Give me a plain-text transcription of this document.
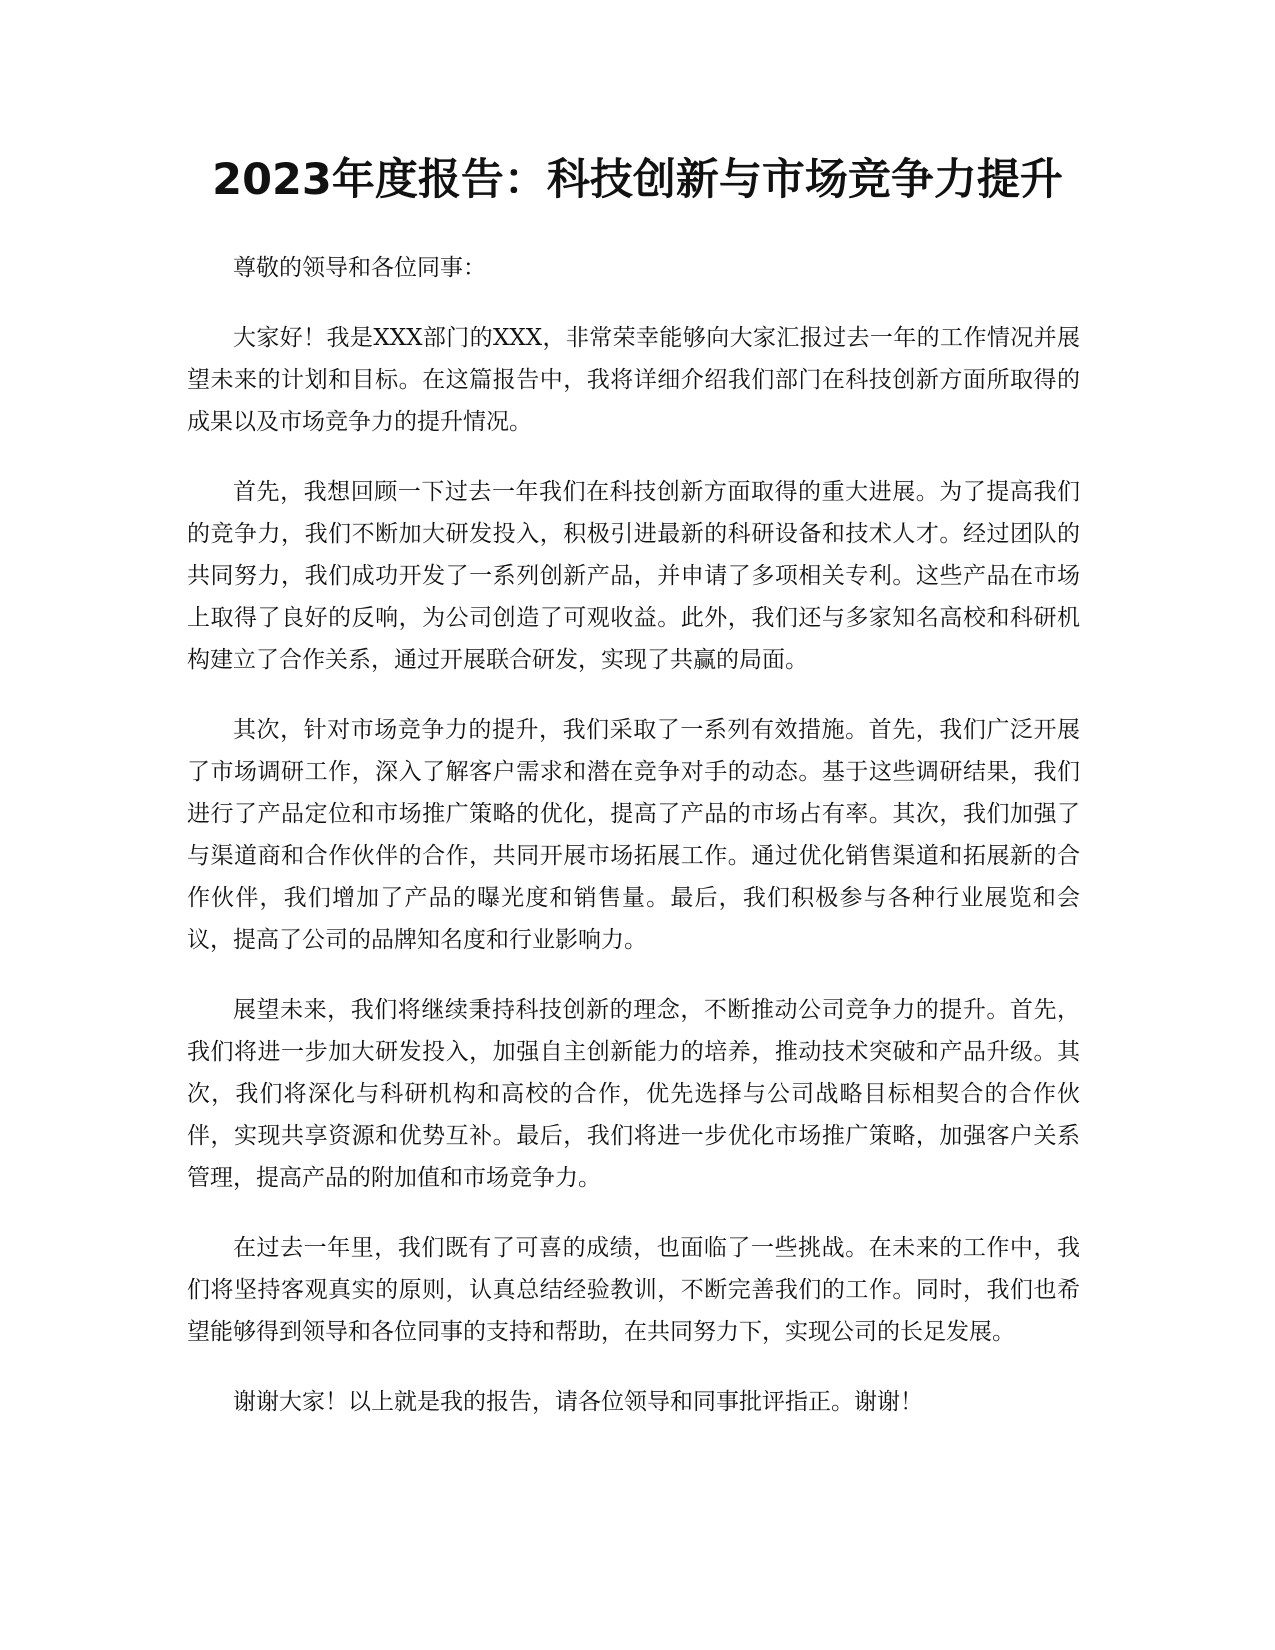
2023年度报告：科技创新与市场竞争力提升

尊敬的领导和各位同事：

大家好！我是XXX部门的XXX，非常荣幸能够向大家汇报过去一年的工作情况并展望未来的计划和目标。在这篇报告中，我将详细介绍我们部门在科技创新方面所取得的成果以及市场竞争力的提升情况。

首先，我想回顾一下过去一年我们在科技创新方面取得的重大进展。为了提高我们的竞争力，我们不断加大研发投入，积极引进最新的科研设备和技术人才。经过团队的共同努力，我们成功开发了一系列创新产品，并申请了多项相关专利。这些产品在市场上取得了良好的反响，为公司创造了可观收益。此外，我们还与多家知名高校和科研机构建立了合作关系，通过开展联合研发，实现了共赢的局面。

其次，针对市场竞争力的提升，我们采取了一系列有效措施。首先，我们广泛开展了市场调研工作，深入了解客户需求和潜在竞争对手的动态。基于这些调研结果，我们进行了产品定位和市场推广策略的优化，提高了产品的市场占有率。其次，我们加强了与渠道商和合作伙伴的合作，共同开展市场拓展工作。通过优化销售渠道和拓展新的合作伙伴，我们增加了产品的曝光度和销售量。最后，我们积极参与各种行业展览和会议，提高了公司的品牌知名度和行业影响力。

展望未来，我们将继续秉持科技创新的理念，不断推动公司竞争力的提升。首先，我们将进一步加大研发投入，加强自主创新能力的培养，推动技术突破和产品升级。其次，我们将深化与科研机构和高校的合作，优先选择与公司战略目标相契合的合作伙伴，实现共享资源和优势互补。最后，我们将进一步优化市场推广策略，加强客户关系管理，提高产品的附加值和市场竞争力。

在过去一年里，我们既有了可喜的成绩，也面临了一些挑战。在未来的工作中，我们将坚持客观真实的原则，认真总结经验教训，不断完善我们的工作。同时，我们也希望能够得到领导和各位同事的支持和帮助，在共同努力下，实现公司的长足发展。

谢谢大家！以上就是我的报告，请各位领导和同事批评指正。谢谢！
